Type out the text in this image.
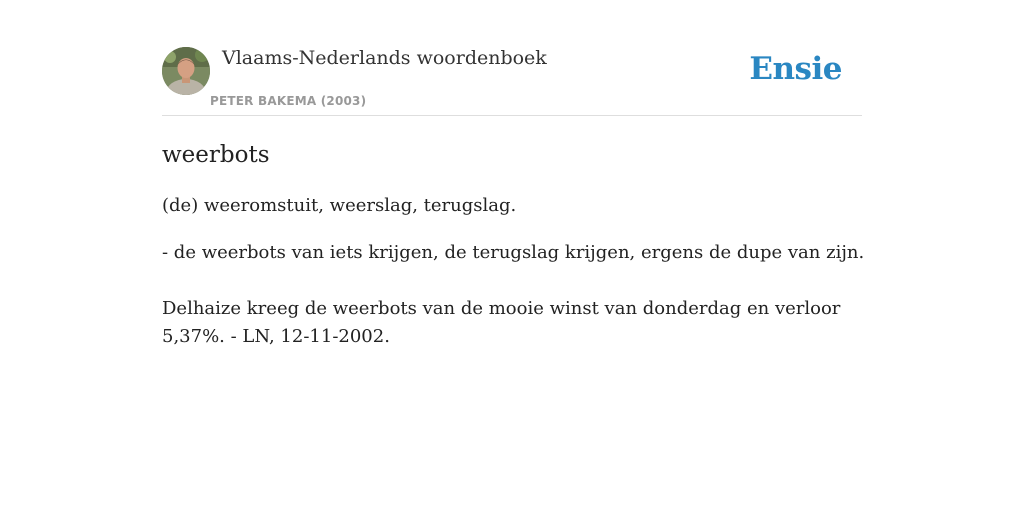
Vlaams-Nederlands woordenboek
PETER BAKEMA (2003)
Ensie
weerbots

(de) weeromstuit, weerslag, terugslag.

- de weerbots van iets krijgen, de terugslag krijgen, ergens de dupe van zijn.

Delhaize kreeg de weerbots van de mooie winst van donderdag en verloor 5,37%. - LN, 12-11-2002.
